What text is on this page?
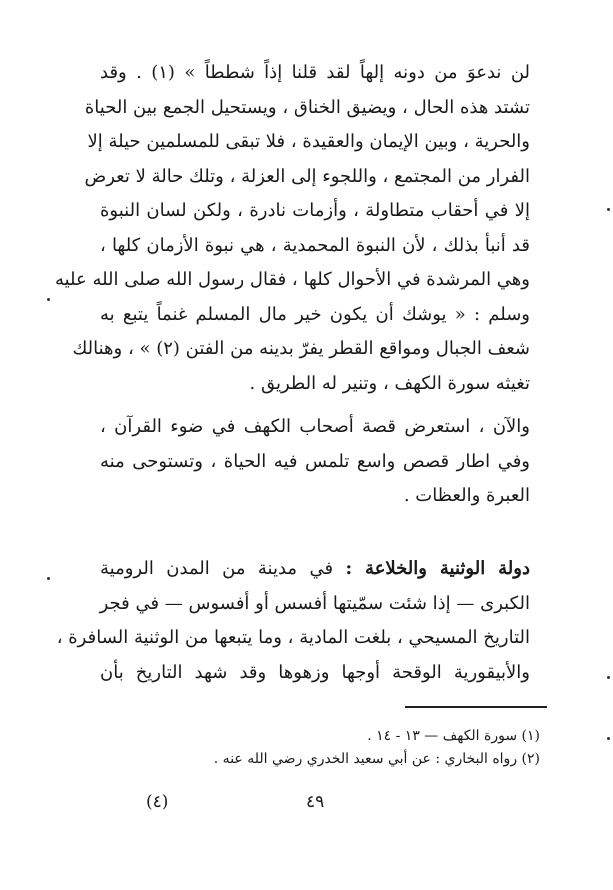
لن ندعوَ من دونه إلهاً لقد قلنا إذاً شططاً » (١) . وقد
تشتد هذه الحال ، ويضيق الخناق ، ويستحيل الجمع بين الحياة
والحرية ، وبين الإيمان والعقيدة ، فلا تبقى للمسلمين حيلة إلا
الفرار من المجتمع ، واللجوء إلى العزلة ، وتلك حالة لا تعرض
إلا في أحقاب متطاولة ، وأزمات نادرة ، ولكن لسان النبوة
قد أنبأ بذلك ، لأن النبوة المحمدية ، هي نبوة الأزمان كلها ،
وهي المرشدة في الأحوال كلها ، فقال رسول الله صلى الله عليه
وسلم : « يوشك أن يكون خير مال المسلم غنماً يتبع به
شعف الجبال ومواقع القطر يفرّ بدينه من الفتن (٢) » ، وهنالك
تغيثه سورة الكهف ، وتنير له الطريق .
والآن ، استعرض قصة أصحاب الكهف في ضوء القرآن ،
وفي اطار قصص واسع تلمس فيه الحياة ، وتستوحى منه
العبرة والعظات .
دولة الوثنية والخلاعة : في مدينة من المدن الرومية
الكبرى — إذا شئت سمّيتها أفسس أو أفسوس — في فجر
التاريخ المسيحي ، بلغت المادية ، وما يتبعها من الوثنية السافرة ،
والأبيقورية الوقحة أوجها وزهوها وقد شهد التاريخ بأن
(١) سورة الكهف — ١٣ - ١٤ .
(٢) رواه البخاري : عن أبي سعيد الخدري رضي الله عنه .
٤٩
(٤)
